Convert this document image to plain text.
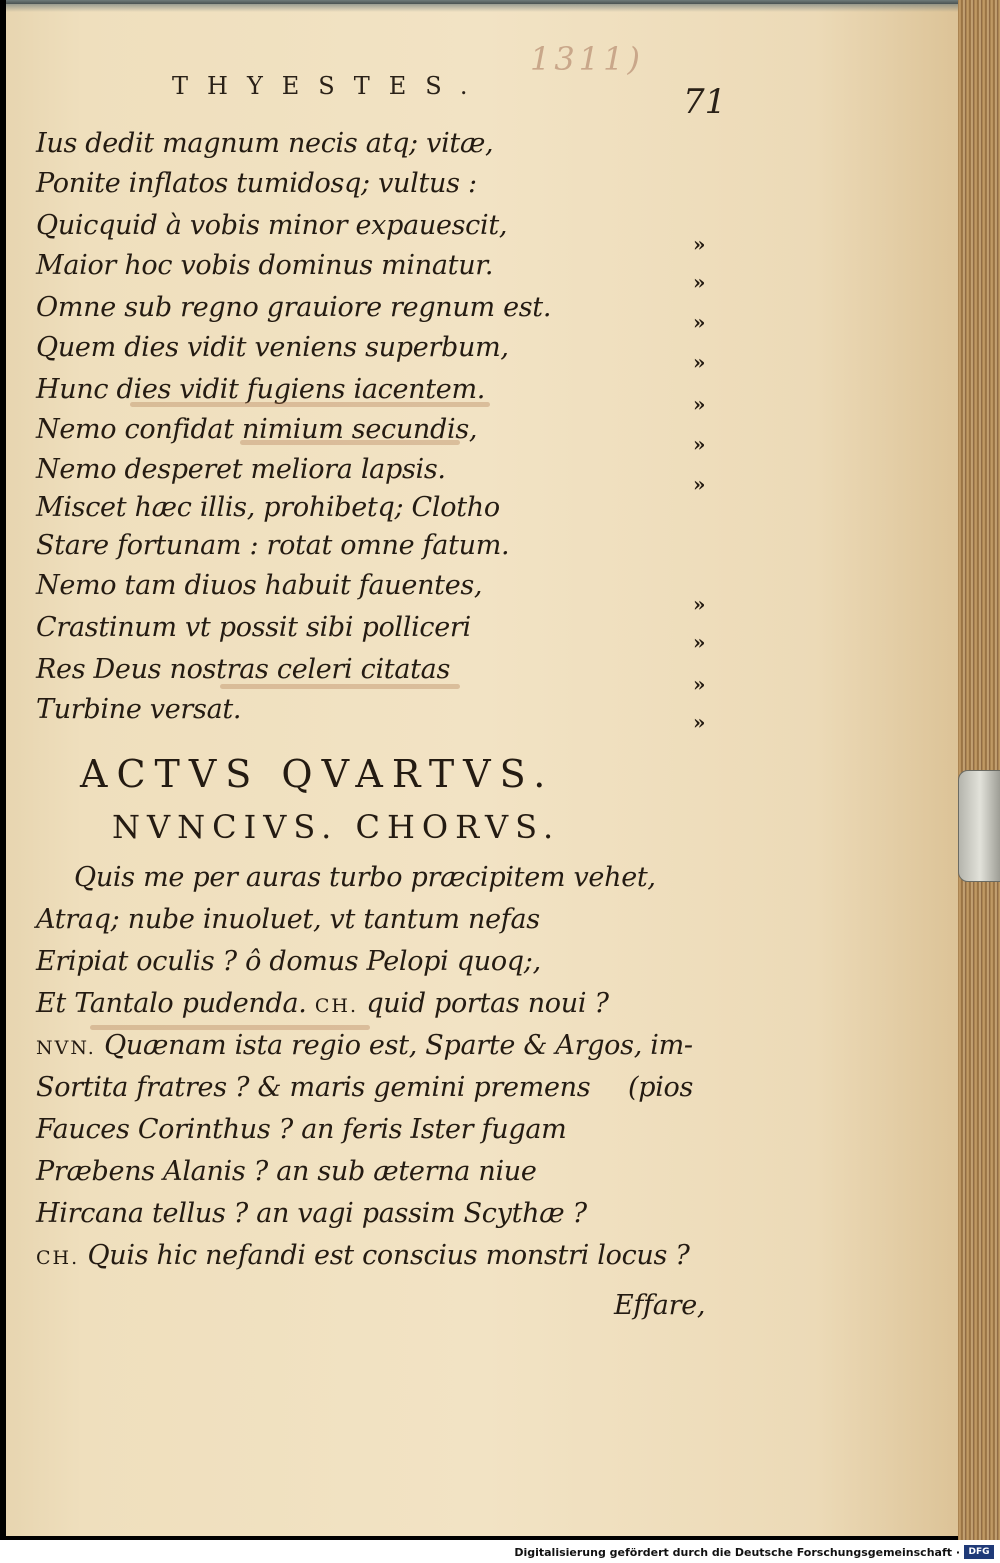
1311)
THYESTES.	71
Ius dedit magnum necis atq; vitæ,
Ponite inflatos tumidosq; vultus :
Quicquid à vobis minor expauescit,
Maior hoc vobis dominus minatur.
Omne sub regno grauiore regnum est.
Quem dies vidit veniens superbum,
Hunc dies vidit fugiens iacentem.
Nemo confidat nimium secundis,
Nemo desperet meliora lapsis.
Miscet hæc illis, prohibetq; Clotho
Stare fortunam : rotat omne fatum.
Nemo tam diuos habuit fauentes,
Crastinum vt possit sibi polliceri
Res Deus nostras celeri citatas
Turbine versat.
»
»
»
»
»
»
»
»
»
»
»
ACTVS QVARTVS.
NVNCIVS. CHORVS.
Quis me per auras turbo præcipitem vehet,
Atraq; nube inuoluet, vt tantum nefas
Eripiat oculis ? ô domus Pelopi quoq;,
Et Tantalo pudenda. CH. quid portas noui ?
NVN. Quænam ista regio est, Sparte & Argos, im-
Sortita fratres ? & maris gemini premens (pios
Fauces Corinthus ? an feris Ister fugam
Præbens Alanis ? an sub æterna niue
Hircana tellus ? an vagi passim Scythæ ?
CH. Quis hic nefandi est conscius monstri locus ?
Effare,
Digitalisierung gefördert durch die Deutsche Forschungsgemeinschaft · DFG
